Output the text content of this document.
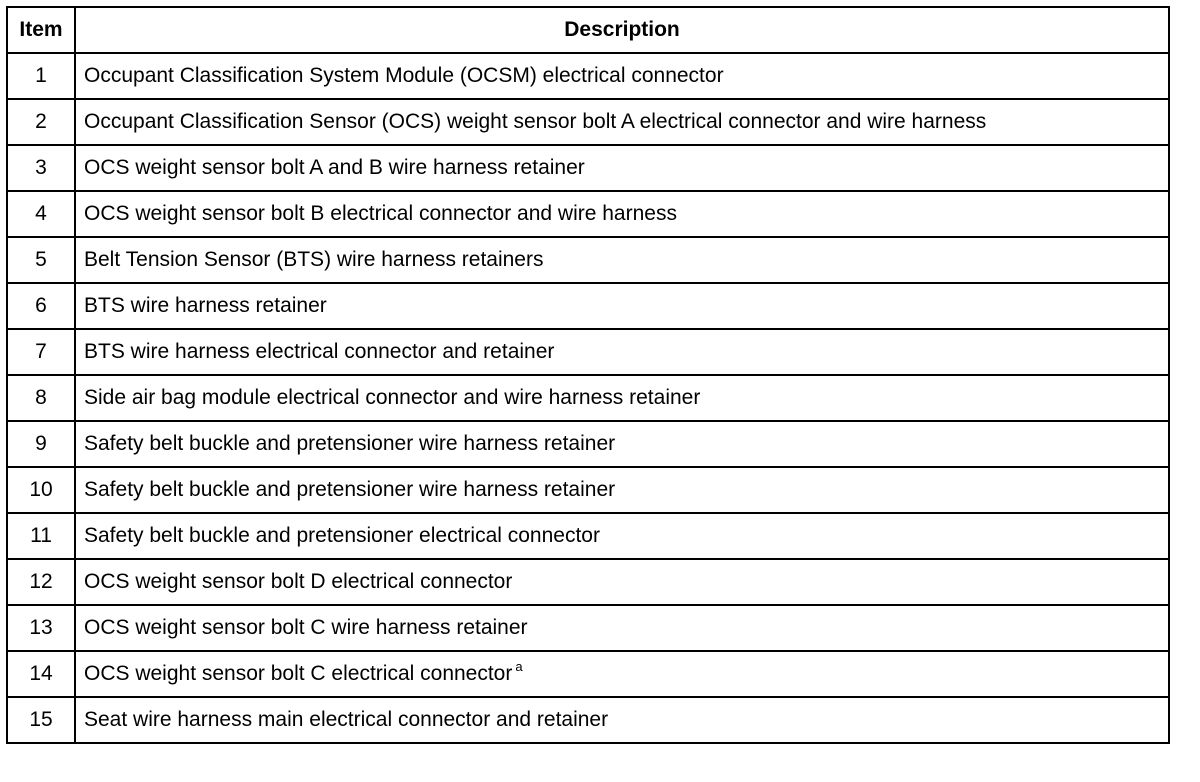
Item	Description
1	Occupant Classification System Module (OCSM) electrical connector
2	Occupant Classification Sensor (OCS) weight sensor bolt A electrical connector and wire harness
3	OCS weight sensor bolt A and B wire harness retainer
4	OCS weight sensor bolt B electrical connector and wire harness
5	Belt Tension Sensor (BTS) wire harness retainers
6	BTS wire harness retainer
7	BTS wire harness electrical connector and retainer
8	Side air bag module electrical connector and wire harness retainer
9	Safety belt buckle and pretensioner wire harness retainer
10	Safety belt buckle and pretensioner wire harness retainer
11	Safety belt buckle and pretensioner electrical connector
12	OCS weight sensor bolt D electrical connector
13	OCS weight sensor bolt C wire harness retainer
14	OCS weight sensor bolt C electrical connector $^a$
15	Seat wire harness main electrical connector and retainer
